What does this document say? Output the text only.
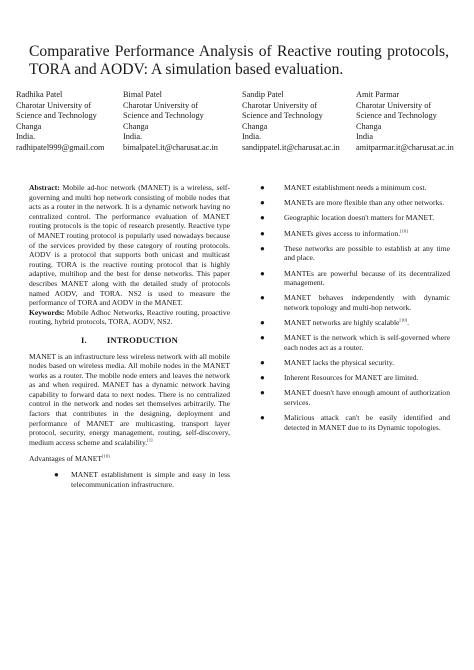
Comparative Performance Analysis of Reactive routing protocols, TORA and AODV: A simulation based evaluation.
Radhika Patel
Charotar University of
Science and Technology
Changa
India.
radhipatel999@gmail.com
Bimal Patel
Charotar University of
Science and Technology
Changa
India.
bimalpatel.it@charusat.ac.in
Sandip Patel
Charotar University of
Science and Technology
Changa
India.
sandippatel.it@charusat.ac.in
Amit Parmar
Charotar University of
Science and Technology
Changa
India
amitparmar.it@charusat.ac.in

Abstract: Mobile ad-hoc network (MANET) is a wireless, self-governing and multi hop network consisting of mobile nodes that acts as a router in the network. It is a dynamic network having no centralized control. The performance evaluation of MANET routing protocols is the topic of research presently. Reactive type of MANET routing protocol is popularly used nowadays because of the services provided by these category of routing protocols. AODV is a protocol that supports both unicast and multicast routing. TORA is the reactive routing protocol that is highly adaptive, multihop and the best for dense networks. This paper describes MANET along with the detailed study of protocols named AODV, and TORA. NS2 is used to measure the performance of TORA and AODV in the MANET.

Keywords: Mobile Adhoc Networks, Reactive routing, proactive routing, hybrid protocols, TORA, AODV, NS2.

I. INTRODUCTION

MANET is an infrastructure less wireless network with all mobile nodes based on wireless media. All mobile nodes in the MANET works as a router. The mobile node enters and leaves the network as and when required. MANET has a dynamic network having capability to forward data to next nodes. There is no centralized control in the network and nodes set themselves arbitrarily. The factors that contributes in the designing, deployment and performance of MANET are multicasting, transport layer protocol, security, energy management, routing, self-discovery, medium access scheme and scalability.[1]

Advantages of MANET[10]
● MANET establishment is simple and easy in less telecommunication infrastructure.
●	MANET establishment needs a minimum cost.
●	MANETs are more flexible than any other networks.
●	Geographic location doesn't matters for MANET.
●	MANETs gives access to information.[10]
●	These networks are possible to establish at any time and place.
●	MANTEs are powerful because of its decentralized management.
●	MANET behaves independently with dynamic network topology and multi-hop network.
●	MANET networks are highly scalable[10].
●	MANET is the network which is self-governed where each nodes act as a router.
●	MANET lacks the physical security.
●	Inherent Resources for MANET are limited.
●	MANET doesn't have enough amount of authorization services.
●	Malicious attack can't be easily identified and detected in MANET due to its Dynamic topologies.
